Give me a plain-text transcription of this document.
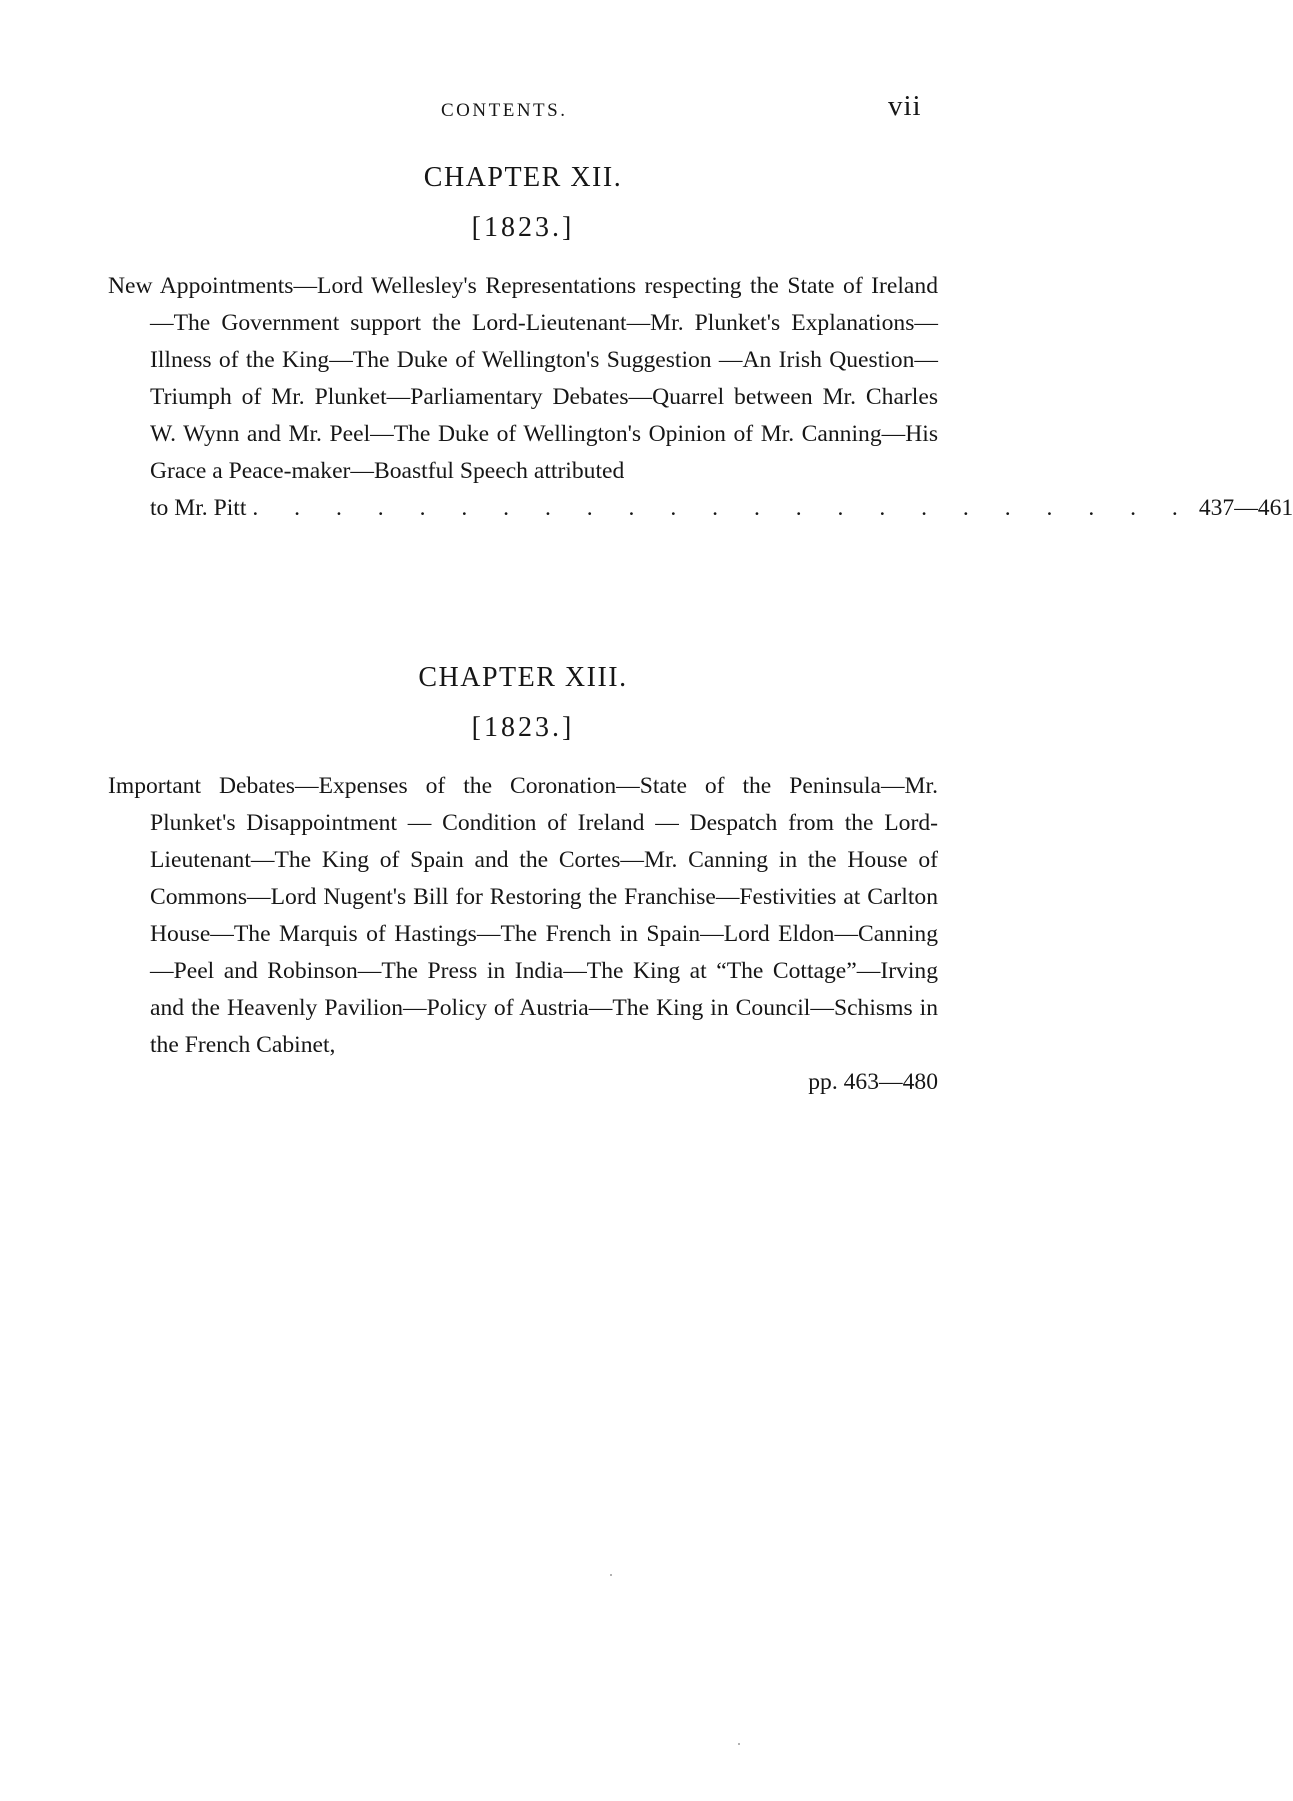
CONTENTS.	vii
CHAPTER XII.
[1823.]
New Appointments—Lord Wellesley's Representations respecting the State of Ireland—The Government support the Lord-Lieutenant—Mr. Plunket's Explanations—Illness of the King—The Duke of Wellington's Suggestion —An Irish Question—Triumph of Mr. Plunket—Parliamentary Debates—Quarrel between Mr. Charles W. Wynn and Mr. Peel—The Duke of Wellington's Opinion of Mr. Canning—His Grace a Peace-maker—Boastful Speech attributed
to Mr. Pitt . . . . . . . . . . . . . . . . . . . . . . . 437—461
CHAPTER XIII.
[1823.]
Important Debates—Expenses of the Coronation—State of the Peninsula—Mr. Plunket's Disappointment — Condition of Ireland — Despatch from the Lord-Lieutenant—The King of Spain and the Cortes—Mr. Canning in the House of Commons—Lord Nugent's Bill for Restoring the Franchise—Festivities at Carlton House—The Marquis of Hastings—The French in Spain—Lord Eldon—Canning—Peel and Robinson—The Press in India—The King at “The Cottage”—Irving and the Heavenly Pavilion—Policy of Austria—The King in Council—Schisms in the French Cabinet,
pp. 463—480
